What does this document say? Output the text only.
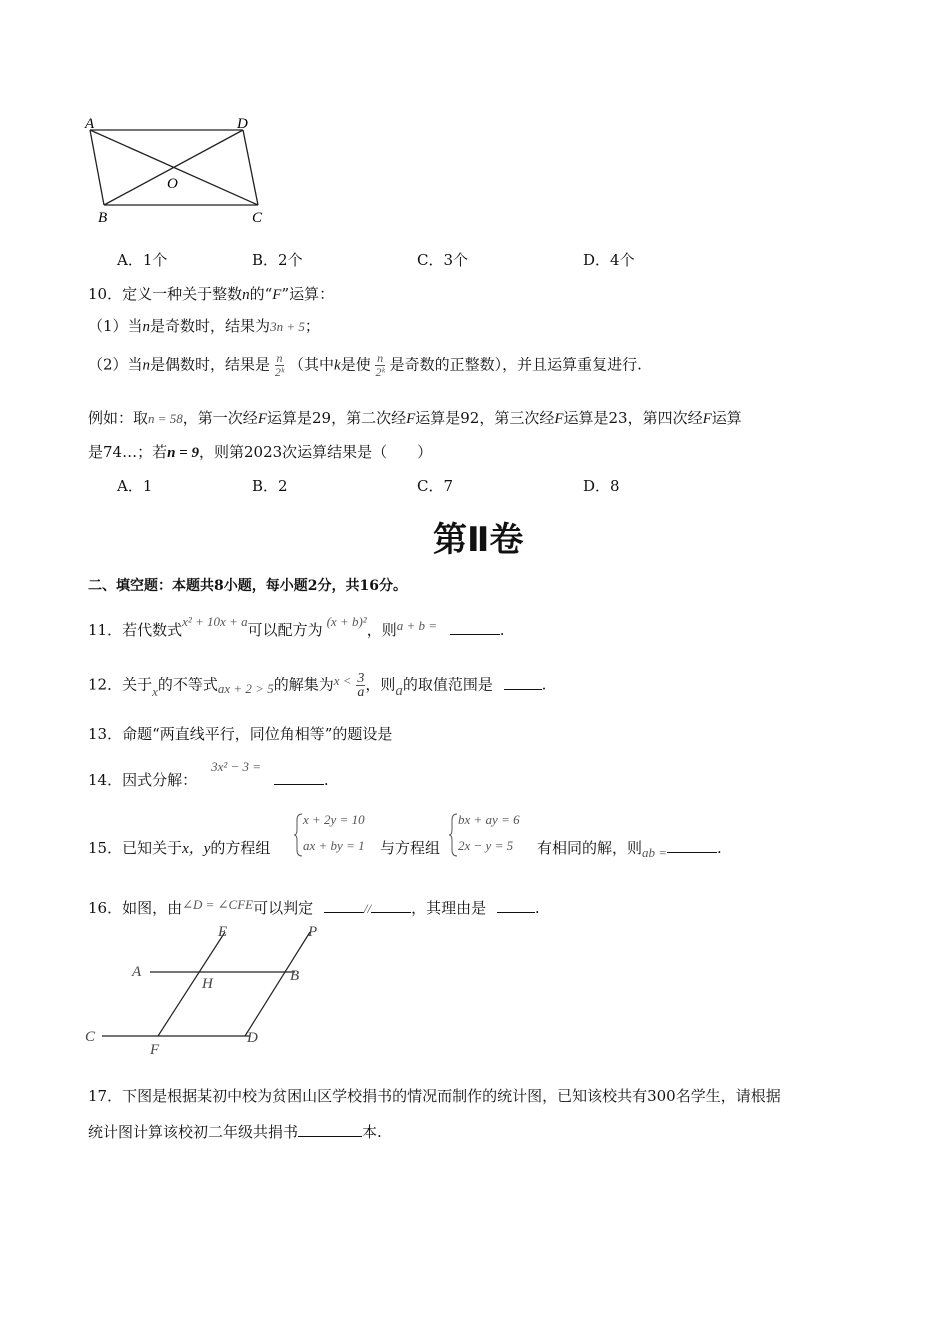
A	D
O
B	C
A．1个	B．2个	C．3个	D．4个
10．定义一种关于整数n的“F”运算：
（1）当n是奇数时，结果为3n + 5；
（2）当n是偶数时，结果是 $\frac{n}{\text{2ᵏ}}$ （其中k是使 $\frac{n}{\text{2ᵏ}}$ 是奇数的正整数），并且运算重复进行.
例如：取n = 58，第一次经F运算是29，第二次经F运算是92，第三次经F运算是23，第四次经F运算
是74…；若n = 9，则第2023次运算结果是（　　）
A．1	B．2	C．7	D．8
第Ⅱ卷
二、填空题：本题共8小题，每小题2分，共16分。
11．若代数式x² + 10x + a可以配方为 (x + b)²，则a + b =	.
12．关于x的不等式ax + 2 > 5的解集为$x < \frac{3}{a}$ ，则a的取值范围是	.
13．命题“两直线平行，同位角相等”的题设是
14．因式分解：3x² − 3 = .
15．已知关于x，y的方程组
x + 2y = 10
ax + by = 1 与方程组
bx + ay = 6
2x − y = 5 有相同的解，则ab =	.
16．如图，由∠D = ∠CFE可以判定	//	，其理由是	.
E	P
A
H	B
C
F
D
17．下图是根据某初中校为贫困山区学校捐书的情况而制作的统计图，已知该校共有300名学生，请根据
统计图计算该校初二年级共捐书	本.
